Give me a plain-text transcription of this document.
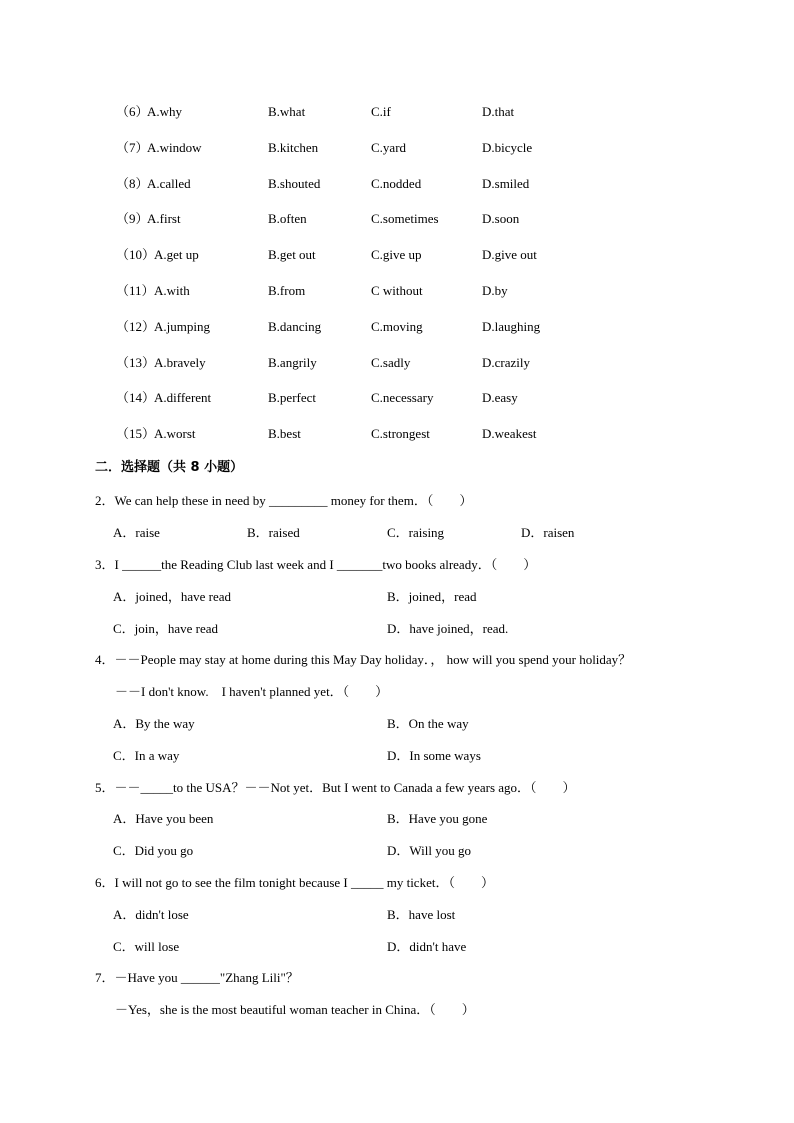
（6）
A.why	B.what	C.if	D.that
（7）
A.window	B.kitchen	C.yard	D.bicycle
（8）
A.called	B.shouted	C.nodded	D.smiled
（9）
A.first	B.often	C.sometimes	D.soon
（10）
A.get up	B.get out	C.give up	D.give out
（11） A.with	B.from	C without	D.by
（12）
A.jumping	B.dancing	C.moving	D.laughing
（13）
A.bravely	B.angrily	C.sadly	D.crazily
（14）
A.different	B.perfect	C.necessary	D.easy
（15）
A.worst	B.best	C.strongest	D.weakest
二．选择题（共 8 小题）
2．We can help these in need by _________ money for them．（　　）
A．raise	B．raised	C．raising	D．raisen
3．I ______the Reading Club last week and I _______two books already．（　　）
A．joined，have read	B．joined，read
C．join，have read	D．have joined，read.
4．－－People may stay at home during this May Day holiday．， how will you spend your holiday？
－－I don't know.　I haven't planned yet．（　　）
A．By the way	B．On the way
C．In a way	D．In some ways
5．－－_____to the USA？－－Not yet．But I went to Canada a few years ago．（　　）
A．Have you been	B．Have you gone
C．Did you go	D．Will you go
6．I will not go to see the film tonight because I _____ my ticket．（　　）
A．didn't lose	B．have lost
C．will lose	D．didn't have
7．－Have you ______"Zhang Lili"？
－Yes，she is the most beautiful woman teacher in China．（　　）
